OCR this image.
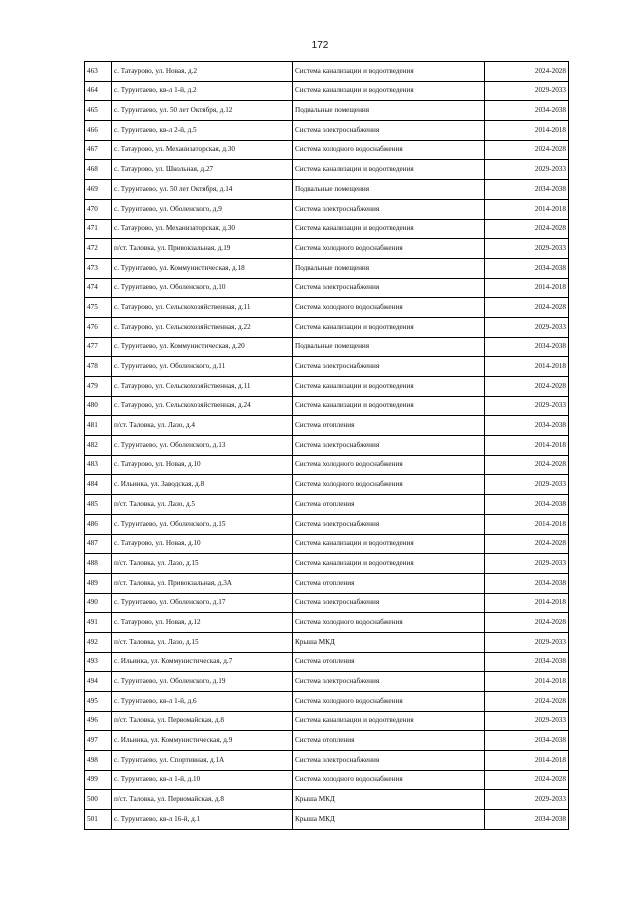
172
463	с. Татаурово, ул. Новая, д.2	Система канализации и водоотведения	2024-2028
464	с. Турунтаево, кв-л 1-й, д.2	Система канализации и водоотведения	2029-2033
465	с. Турунтаево, ул. 50 лет Октября, д.12	Подвальные помещения	2034-2038
466	с. Турунтаево, кв-л 2-й, д.5	Система электроснабжения	2014-2018
467	с. Татаурово, ул. Механизаторская, д.30	Система холодного водоснабжения	2024-2028
468	с. Татаурово, ул. Школьная, д.27	Система канализации и водоотведения	2029-2033
469	с. Турунтаево, ул. 50 лет Октября, д.14	Подвальные помещения	2034-2038
470	с. Турунтаево, ул. Оболенского, д.9	Система электроснабжения	2014-2018
471	с. Татаурово, ул. Механизаторская, д.30	Система канализации и водоотведения	2024-2028
472	п/ст. Таловка, ул. Привокзальная, д.19	Система холодного водоснабжения	2029-2033
473	с. Турунтаево, ул. Коммунистическая, д.18	Подвальные помещения	2034-2038
474	с. Турунтаево, ул. Оболенского, д.10	Система электроснабжения	2014-2018
475	с. Татаурово, ул. Сельскохозяйственная, д.11	Система холодного водоснабжения	2024-2028
476	с. Татаурово, ул. Сельскохозяйственная, д.22	Система канализации и водоотведения	2029-2033
477	с. Турунтаево, ул. Коммунистическая, д.20	Подвальные помещения	2034-2038
478	с. Турунтаево, ул. Оболенского, д.11	Система электроснабжения	2014-2018
479	с. Татаурово, ул. Сельскохозяйственная, д.11	Система канализации и водоотведения	2024-2028
480	с. Татаурово, ул. Сельскохозяйственная, д.24	Система канализации и водоотведения	2029-2033
481	п/ст. Таловка, ул. Лазо, д.4	Система отопления	2034-2038
482	с. Турунтаево, ул. Оболенского, д.13	Система электроснабжения	2014-2018
483	с. Татаурово, ул. Новая, д.10	Система холодного водоснабжения	2024-2028
484	с. Ильинка, ул. Заводская, д.8	Система холодного водоснабжения	2029-2033
485	п/ст. Таловка, ул. Лазо, д.5	Система отопления	2034-2038
486	с. Турунтаево, ул. Оболенского, д.15	Система электроснабжения	2014-2018
487	с. Татаурово, ул. Новая, д.10	Система канализации и водоотведения	2024-2028
488	п/ст. Таловка, ул. Лазо, д.15	Система канализации и водоотведения	2029-2033
489	п/ст. Таловка, ул. Привокзальная, д.3А	Система отопления	2034-2038
490	с. Турунтаево, ул. Оболенского, д.17	Система электроснабжения	2014-2018
491	с. Татаурово, ул. Новая, д.12	Система холодного водоснабжения	2024-2028
492	п/ст. Таловка, ул. Лазо, д.15	Крыша МКД	2029-2033
493	с. Ильинка, ул. Коммунистическая, д.7	Система отопления	2034-2038
494	с. Турунтаево, ул. Оболенского, д.19	Система электроснабжения	2014-2018
495	с. Турунтаево, кв-л 1-й, д.6	Система холодного водоснабжения	2024-2028
496	п/ст. Таловка, ул. Первомайская, д.8	Система канализации и водоотведения	2029-2033
497	с. Ильинка, ул. Коммунистическая, д.9	Система отопления	2034-2038
498	с. Турунтаево, ул. Спортивная, д.1А	Система электроснабжения	2014-2018
499	с. Турунтаево, кв-л 1-й, д.10	Система холодного водоснабжения	2024-2028
500	п/ст. Таловка, ул. Первомайская, д.8	Крыша МКД	2029-2033
501	с. Турунтаево, кв-л 16-й, д.1	Крыша МКД	2034-2038
